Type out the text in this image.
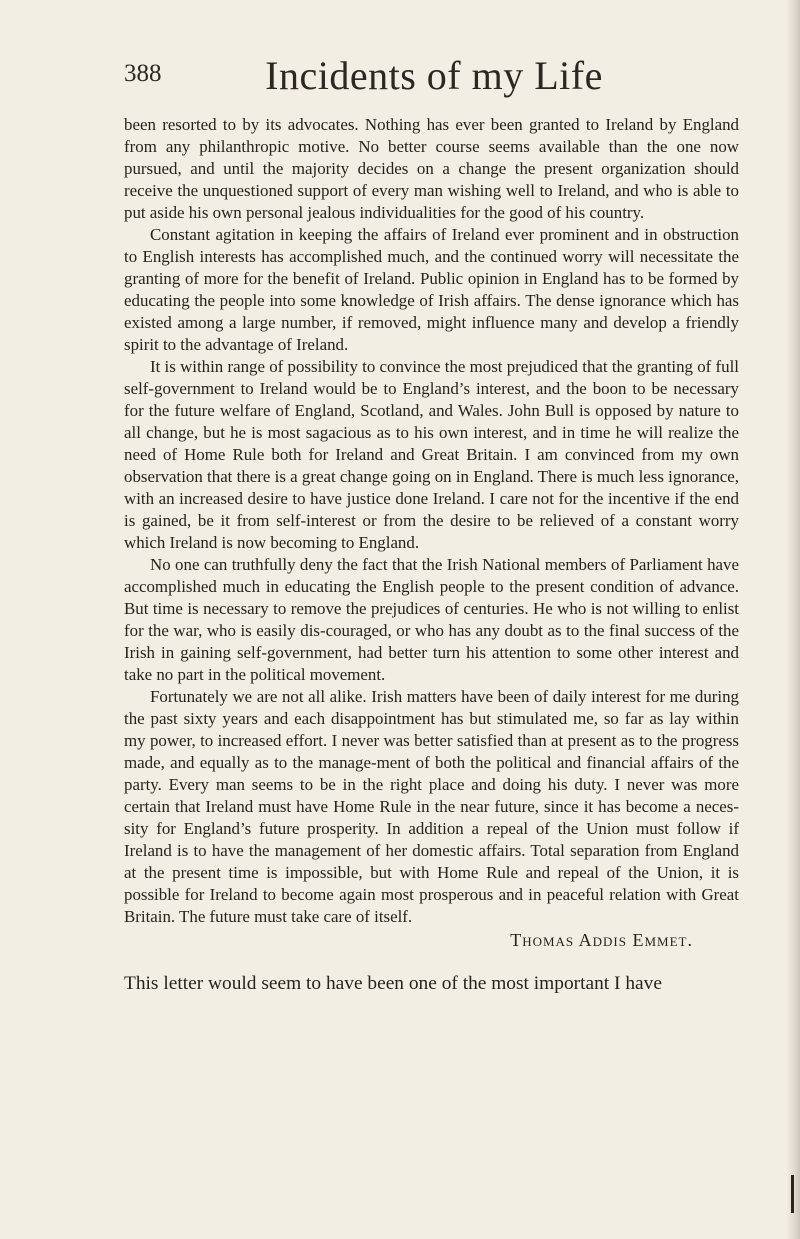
388	Incidents of my Life

been resorted to by its advocates. Nothing has ever been granted to Ireland by England from any philanthropic motive. No better course seems available than the one now pursued, and until the majority decides on a change the present organization should receive the unquestioned support of every man wishing well to Ireland, and who is able to put aside his own personal jealous individualities for the good of his country.

Constant agitation in keeping the affairs of Ireland ever prominent and in obstruction to English interests has accomplished much, and the continued worry will necessitate the granting of more for the benefit of Ireland. Public opinion in England has to be formed by educating the people into some knowledge of Irish affairs. The dense ignorance which has existed among a large number, if removed, might influence many and develop a friendly spirit to the advantage of Ireland.

It is within range of possibility to convince the most prejudiced that the granting of full self-government to Ireland would be to England’s interest, and the boon to be necessary for the future welfare of England, Scotland, and Wales. John Bull is opposed by nature to all change, but he is most sagacious as to his own interest, and in time he will realize the need of Home Rule both for Ireland and Great Britain. I am convinced from my own observation that there is a great change going on in England. There is much less ignorance, with an increased desire to have justice done Ireland. I care not for the incentive if the end is gained, be it from self-interest or from the desire to be relieved of a constant worry which Ireland is now becoming to England.

No one can truthfully deny the fact that the Irish National members of Parliament have accomplished much in educating the English people to the present condition of advance. But time is necessary to remove the prejudices of centuries. He who is not willing to enlist for the war, who is easily dis-couraged, or who has any doubt as to the final success of the Irish in gaining self-government, had better turn his attention to some other interest and take no part in the political movement.

Fortunately we are not all alike. Irish matters have been of daily interest for me during the past sixty years and each disappointment has but stimulated me, so far as lay within my power, to increased effort. I never was better satisfied than at present as to the progress made, and equally as to the manage-ment of both the political and financial affairs of the party. Every man seems to be in the right place and doing his duty. I never was more certain that Ireland must have Home Rule in the near future, since it has become a neces-sity for England’s future prosperity. In addition a repeal of the Union must follow if Ireland is to have the management of her domestic affairs. Total separation from England at the present time is impossible, but with Home Rule and repeal of the Union, it is possible for Ireland to become again most prosperous and in peaceful relation with Great Britain. The future must take care of itself.

Thomas Addis Emmet.

This letter would seem to have been one of the most important I have
